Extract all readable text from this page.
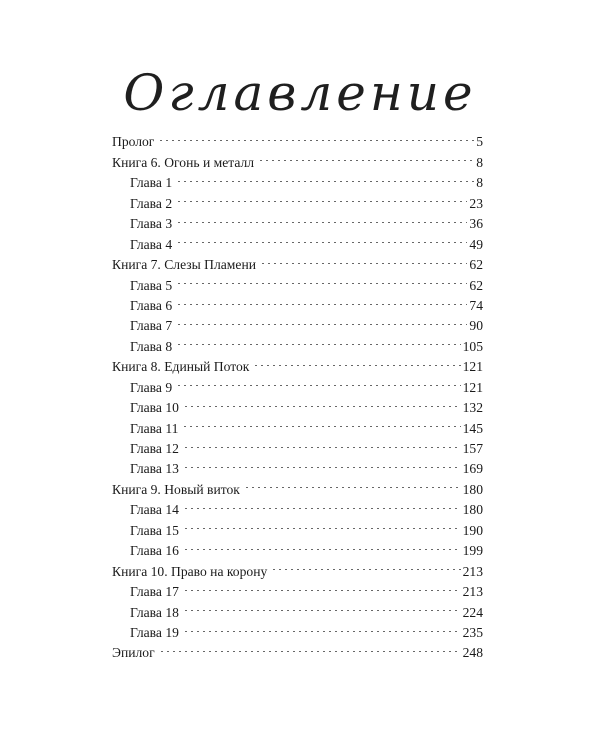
Оглавление
Пролог	5
Книга 6. Огонь и металл	8
Глава 1	8
Глава 2	23
Глава 3	36
Глава 4	49
Книга 7. Слезы Пламени	62
Глава 5	62
Глава 6	74
Глава 7	90
Глава 8	105
Книга 8. Единый Поток	121
Глава 9	121
Глава 10	132
Глава 11	145
Глава 12	157
Глава 13	169
Книга 9. Новый виток	180
Глава 14	180
Глава 15	190
Глава 16	199
Книга 10. Право на корону	213
Глава 17	213
Глава 18	224
Глава 19	235
Эпилог	248
